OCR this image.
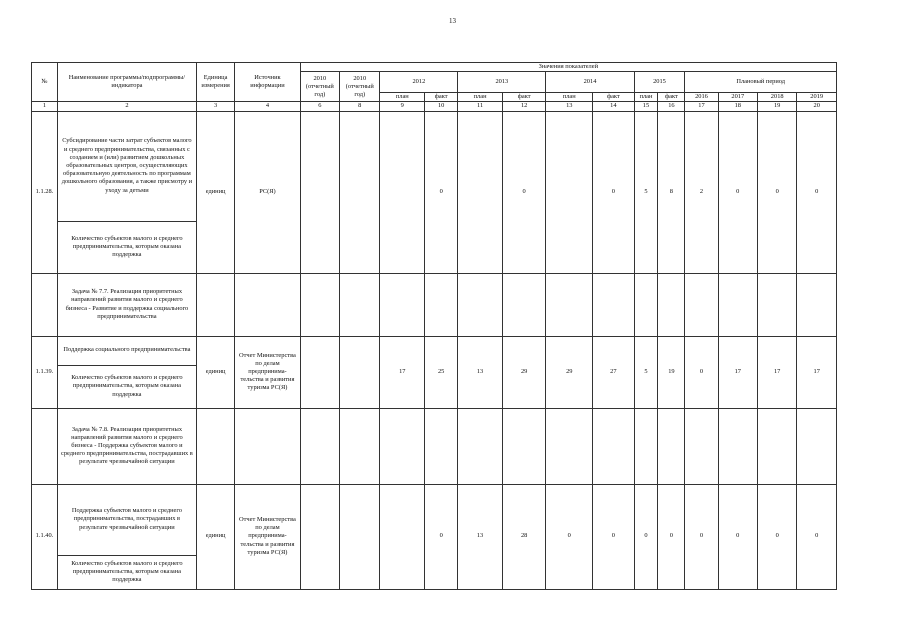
13
№	Наименование программы/подпрограммы/индикатора	Единица измерения	Источник информации	Значения показателей													
				2010 (отчетный год)	2010 (отчетный год)	2012		2013		2014		2015		Плановый период			
						план	факт	план	факт	план	факт	план	факт	2016	2017	2018	2019
1	2	3	4	6	8	9	10	11	12	13	14	15	16	17	18	19	20
1.1.28.	Субсидирование части затрат субъектов малого и среднего предпринимательства, связанных с созданием и (или) развитием дошкольных образовательных центров, осуществляющих образовательную деятельность по программам дошкольного образования, а также присмотру и уходу за детьми	единиц	РС(Я)				0		0		0	5	8	2	0	0	0
	Количество субъектов малого и среднего предпринимательства, которым оказана поддержка																
	Задача № 7.7. Реализация приоритетных направлений развития малого и среднего бизнеса - Развитие и поддержка социального предпринимательства																
1.1.39.	Поддержка социального предпринимательства	единиц	Отчет Министерства по делам предпринима- тельства и развития туризма РС(Я)			17	25	13	29	29	27	5	19	0	17	17	17
	Количество субъектов малого и среднего предпринимательства, которым оказана поддержка																
	Задача № 7.8. Реализация приоритетных направлений развития малого и среднего бизнеса - Поддержка субъектов малого и среднего предпринимательства, пострадавших в результате чрезвычайной ситуации																
1.1.40.	Поддержка субъектов малого и среднего предпринимательства, пострадавших в результате чрезвычайной ситуации	единиц	Отчет Министерства по делам предпринима- тельства и развития туризма РС(Я)				0	13	28	0	0	0	0	0	0	0	0
	Количество субъектов малого и среднего предпринимательства, которым оказана поддержка																
